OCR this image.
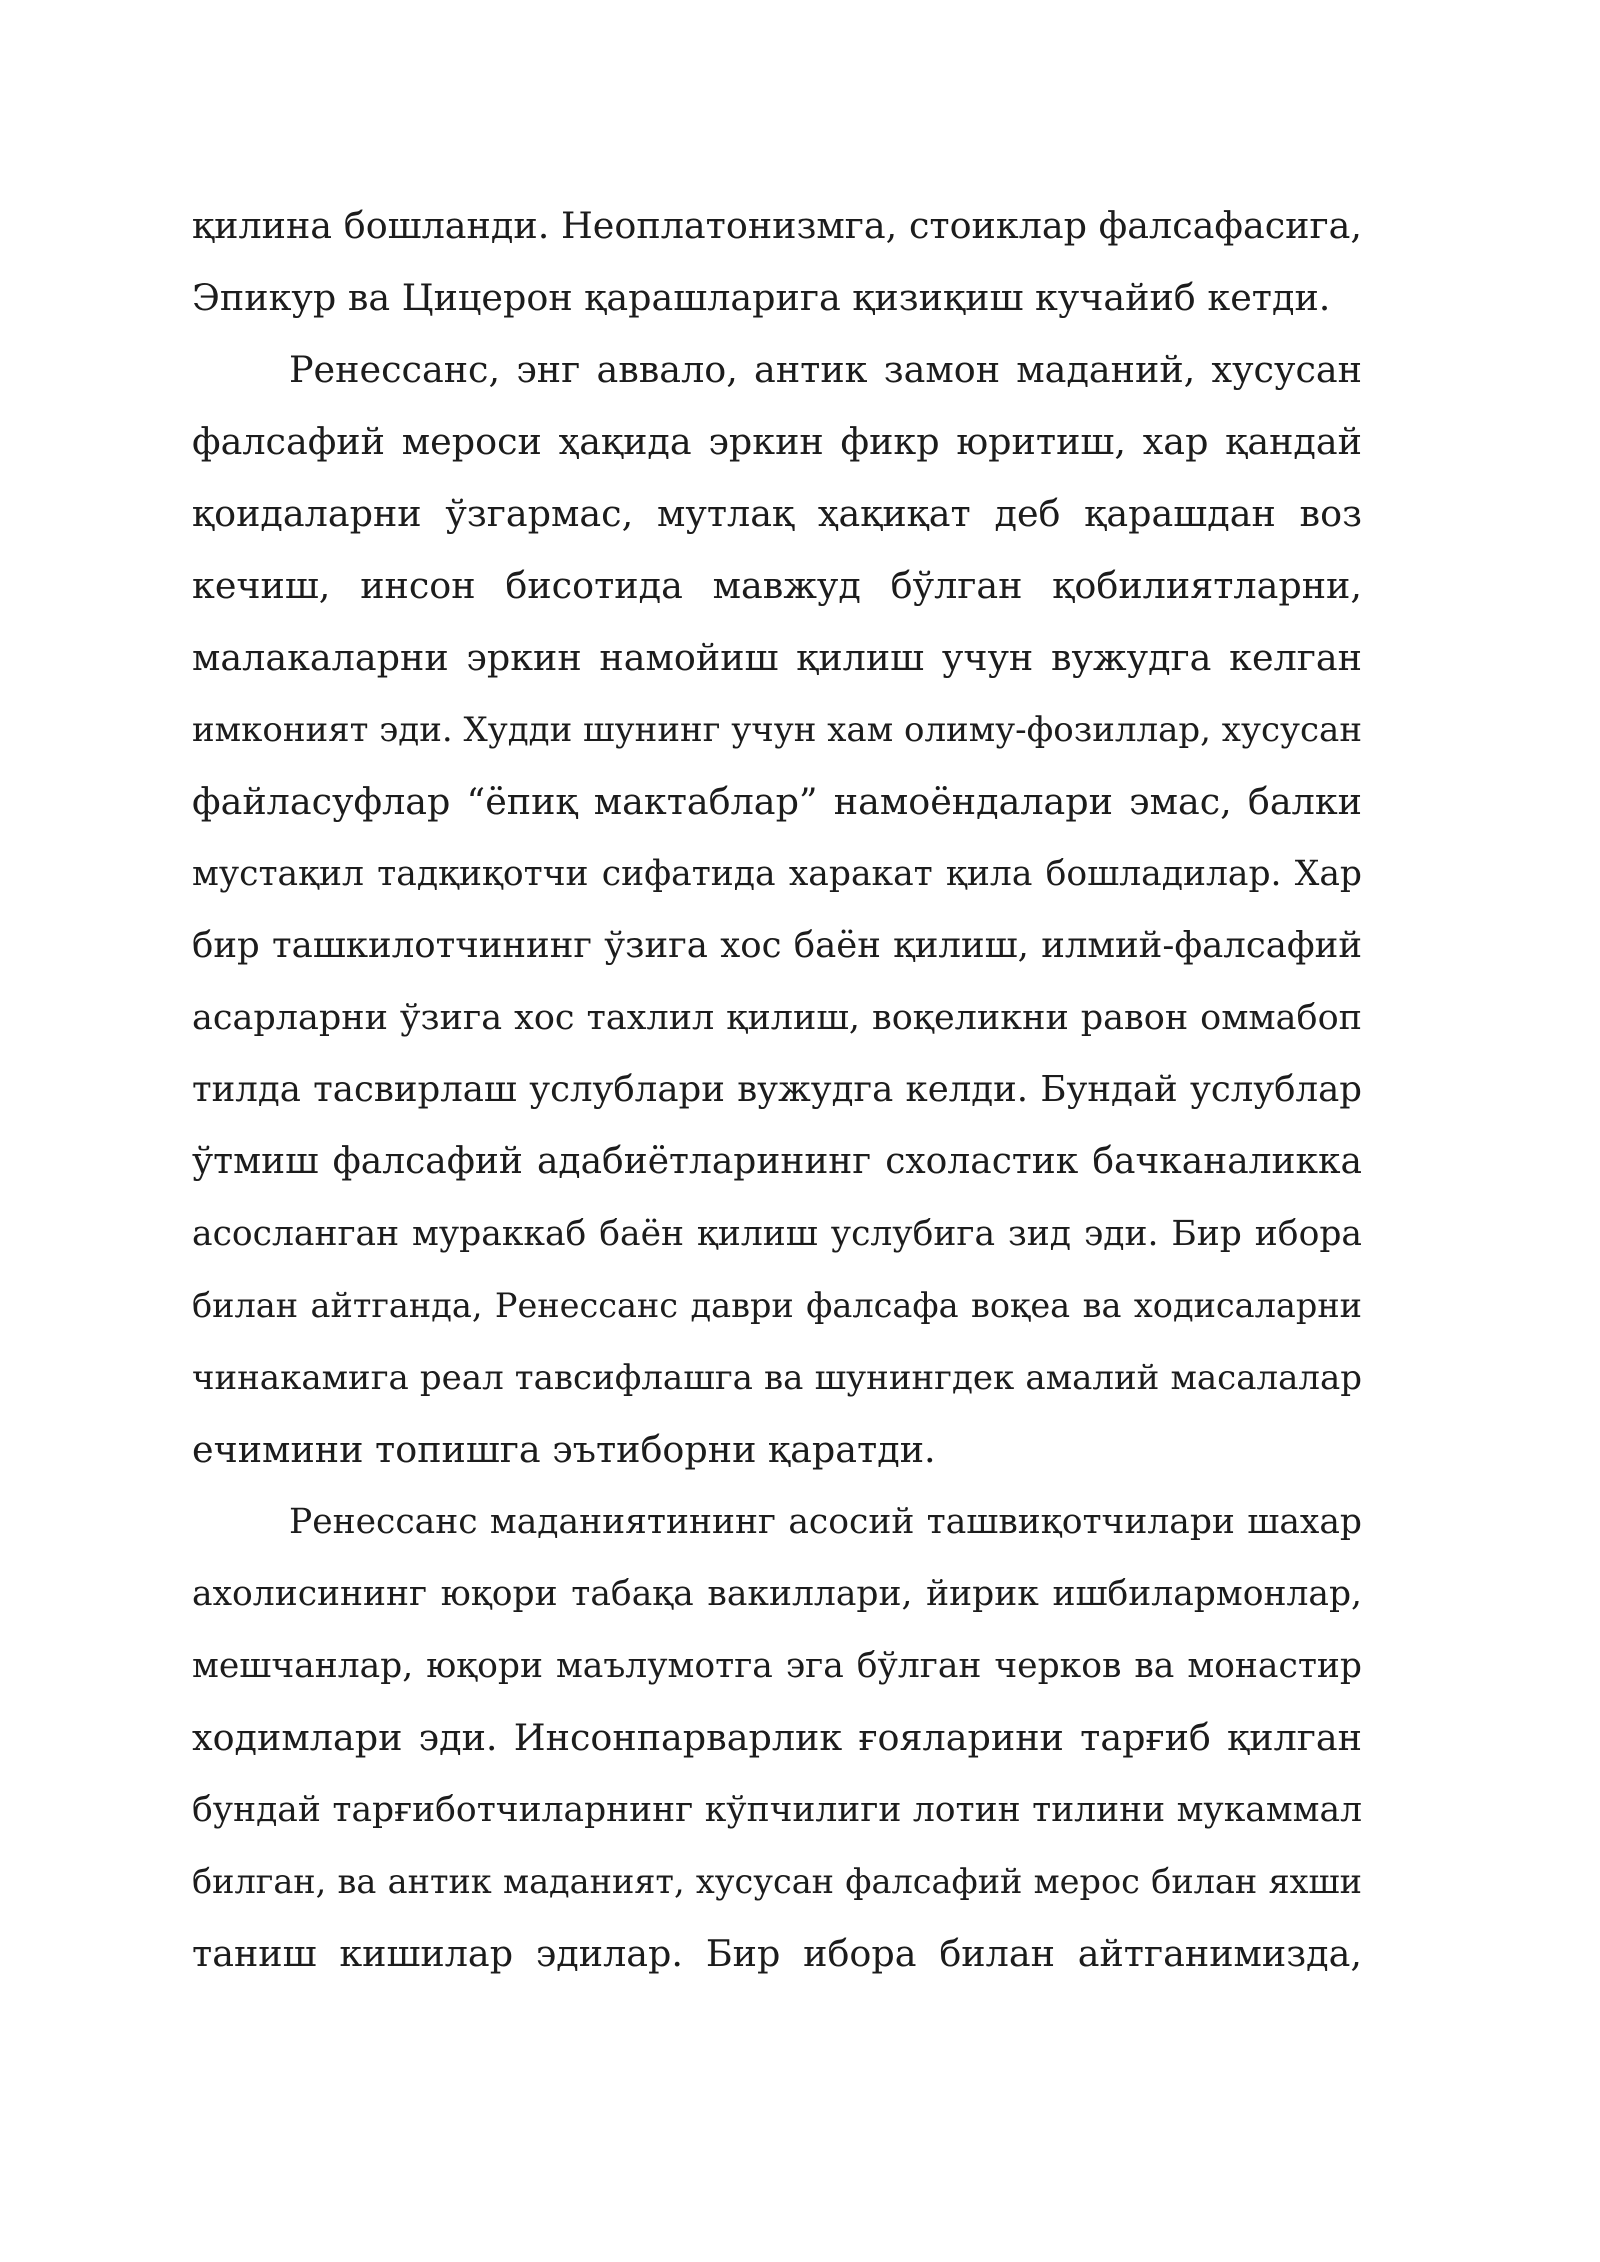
қилина бошланди. Неоплатонизмга, стоиклар фалсафасига,
Эпикур ва Цицерон қарашларига қизиқиш кучайиб кетди.
Ренессанс, энг аввало, антик замон маданий, хусусан
фалсафий мероси ҳақида эркин фикр юритиш, хар қандай
қоидаларни ўзгармас, мутлақ ҳақиқат деб қарашдан воз
кечиш, инсон бисотида мавжуд бўлган қобилиятларни,
малакаларни эркин намойиш қилиш учун вужудга келган
имконият эди. Худди шунинг учун хам олиму-фозиллар, хусусан
файласуфлар “ёпиқ мактаблар” намоёндалари эмас, балки
мустақил тадқиқотчи сифатида харакат қила бошладилар. Хар
бир ташкилотчининг ўзига хос баён қилиш, илмий-фалсафий
асарларни ўзига хос тахлил қилиш, воқеликни равон оммабоп
тилда тасвирлаш услублари вужудга келди. Бундай услублар
ўтмиш фалсафий адабиётларининг схоластик бачканаликка
асосланган мураккаб баён қилиш услубига зид эди. Бир ибора
билан айтганда, Ренессанс даври фалсафа воқеа ва ходисаларни
чинакамига реал тавсифлашга ва шунингдек амалий масалалар
ечимини топишга эътиборни қаратди.
Ренессанс маданиятининг асосий ташвиқотчилари шахар
ахолисининг юқори табақа вакиллари, йирик ишбилармонлар,
мешчанлар, юқори маълумотга эга бўлган черков ва монастир
ходимлари эди. Инсонпарварлик ғояларини тарғиб қилган
бундай тарғиботчиларнинг кўпчилиги лотин тилини мукаммал
билган, ва антик маданият, хусусан фалсафий мерос билан яхши
таниш кишилар эдилар. Бир ибора билан айтганимизда,
